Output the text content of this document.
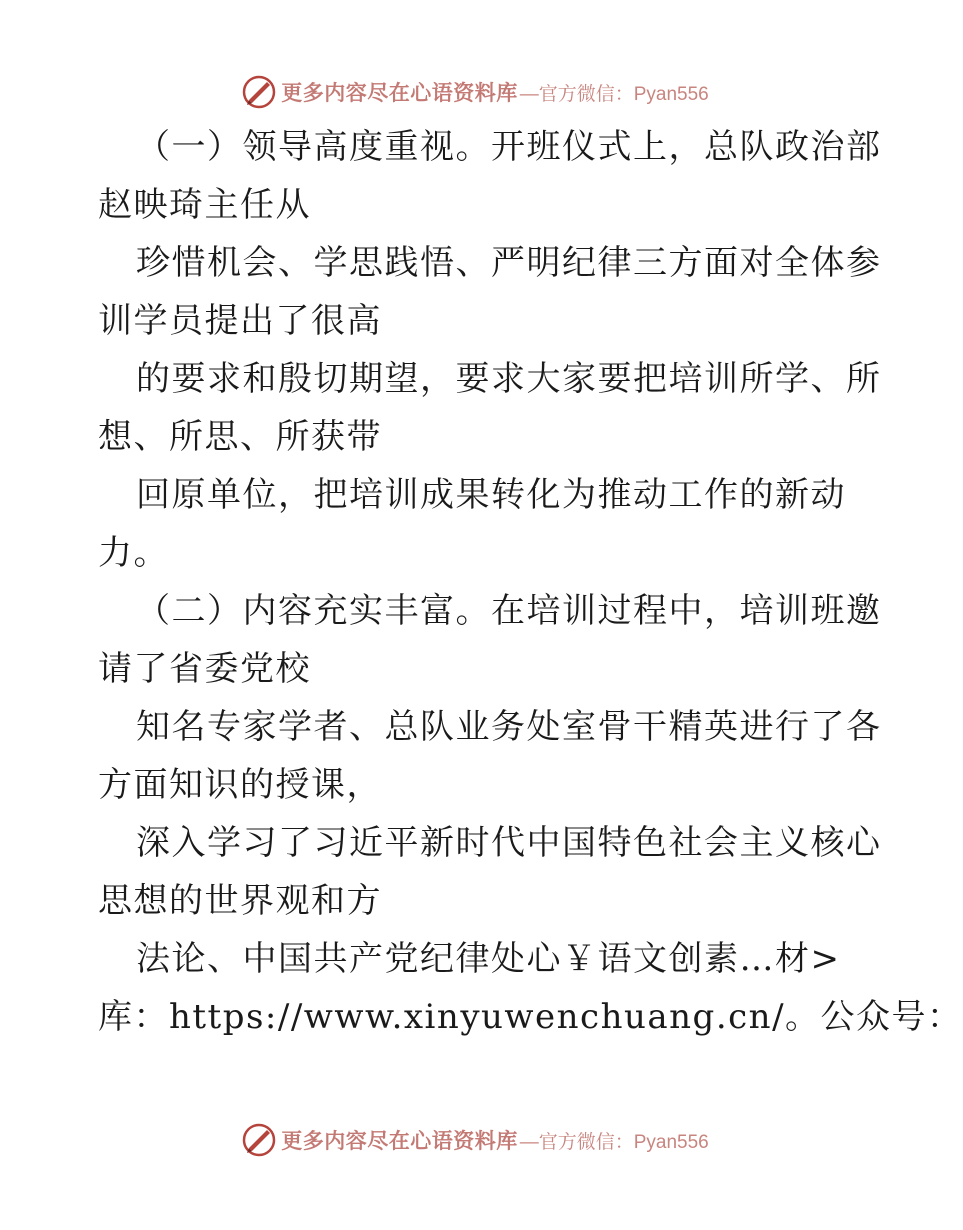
更多内容尽在心语资料库 —官方微信：Pyan556
（一）领导高度重视。开班仪式上，总队政治部
赵映琦主任从
珍惜机会、学思践悟、严明纪律三方面对全体参
训学员提出了很高
的要求和殷切期望，要求大家要把培训所学、所
想、所思、所获带
回原单位，把培训成果转化为推动工作的新动
力。
（二）内容充实丰富。在培训过程中，培训班邀
请了省委党校
知名专家学者、总队业务处室骨干精英进行了各
方面知识的授课，
深入学习了习近平新时代中国特色社会主义核心
思想的世界观和方
法论、中国共产党纪律处心￥语文创素…材>
库：https://www.xinyuwenchuang.cn/。公众号：
更多内容尽在心语资料库 —官方微信：Pyan556
